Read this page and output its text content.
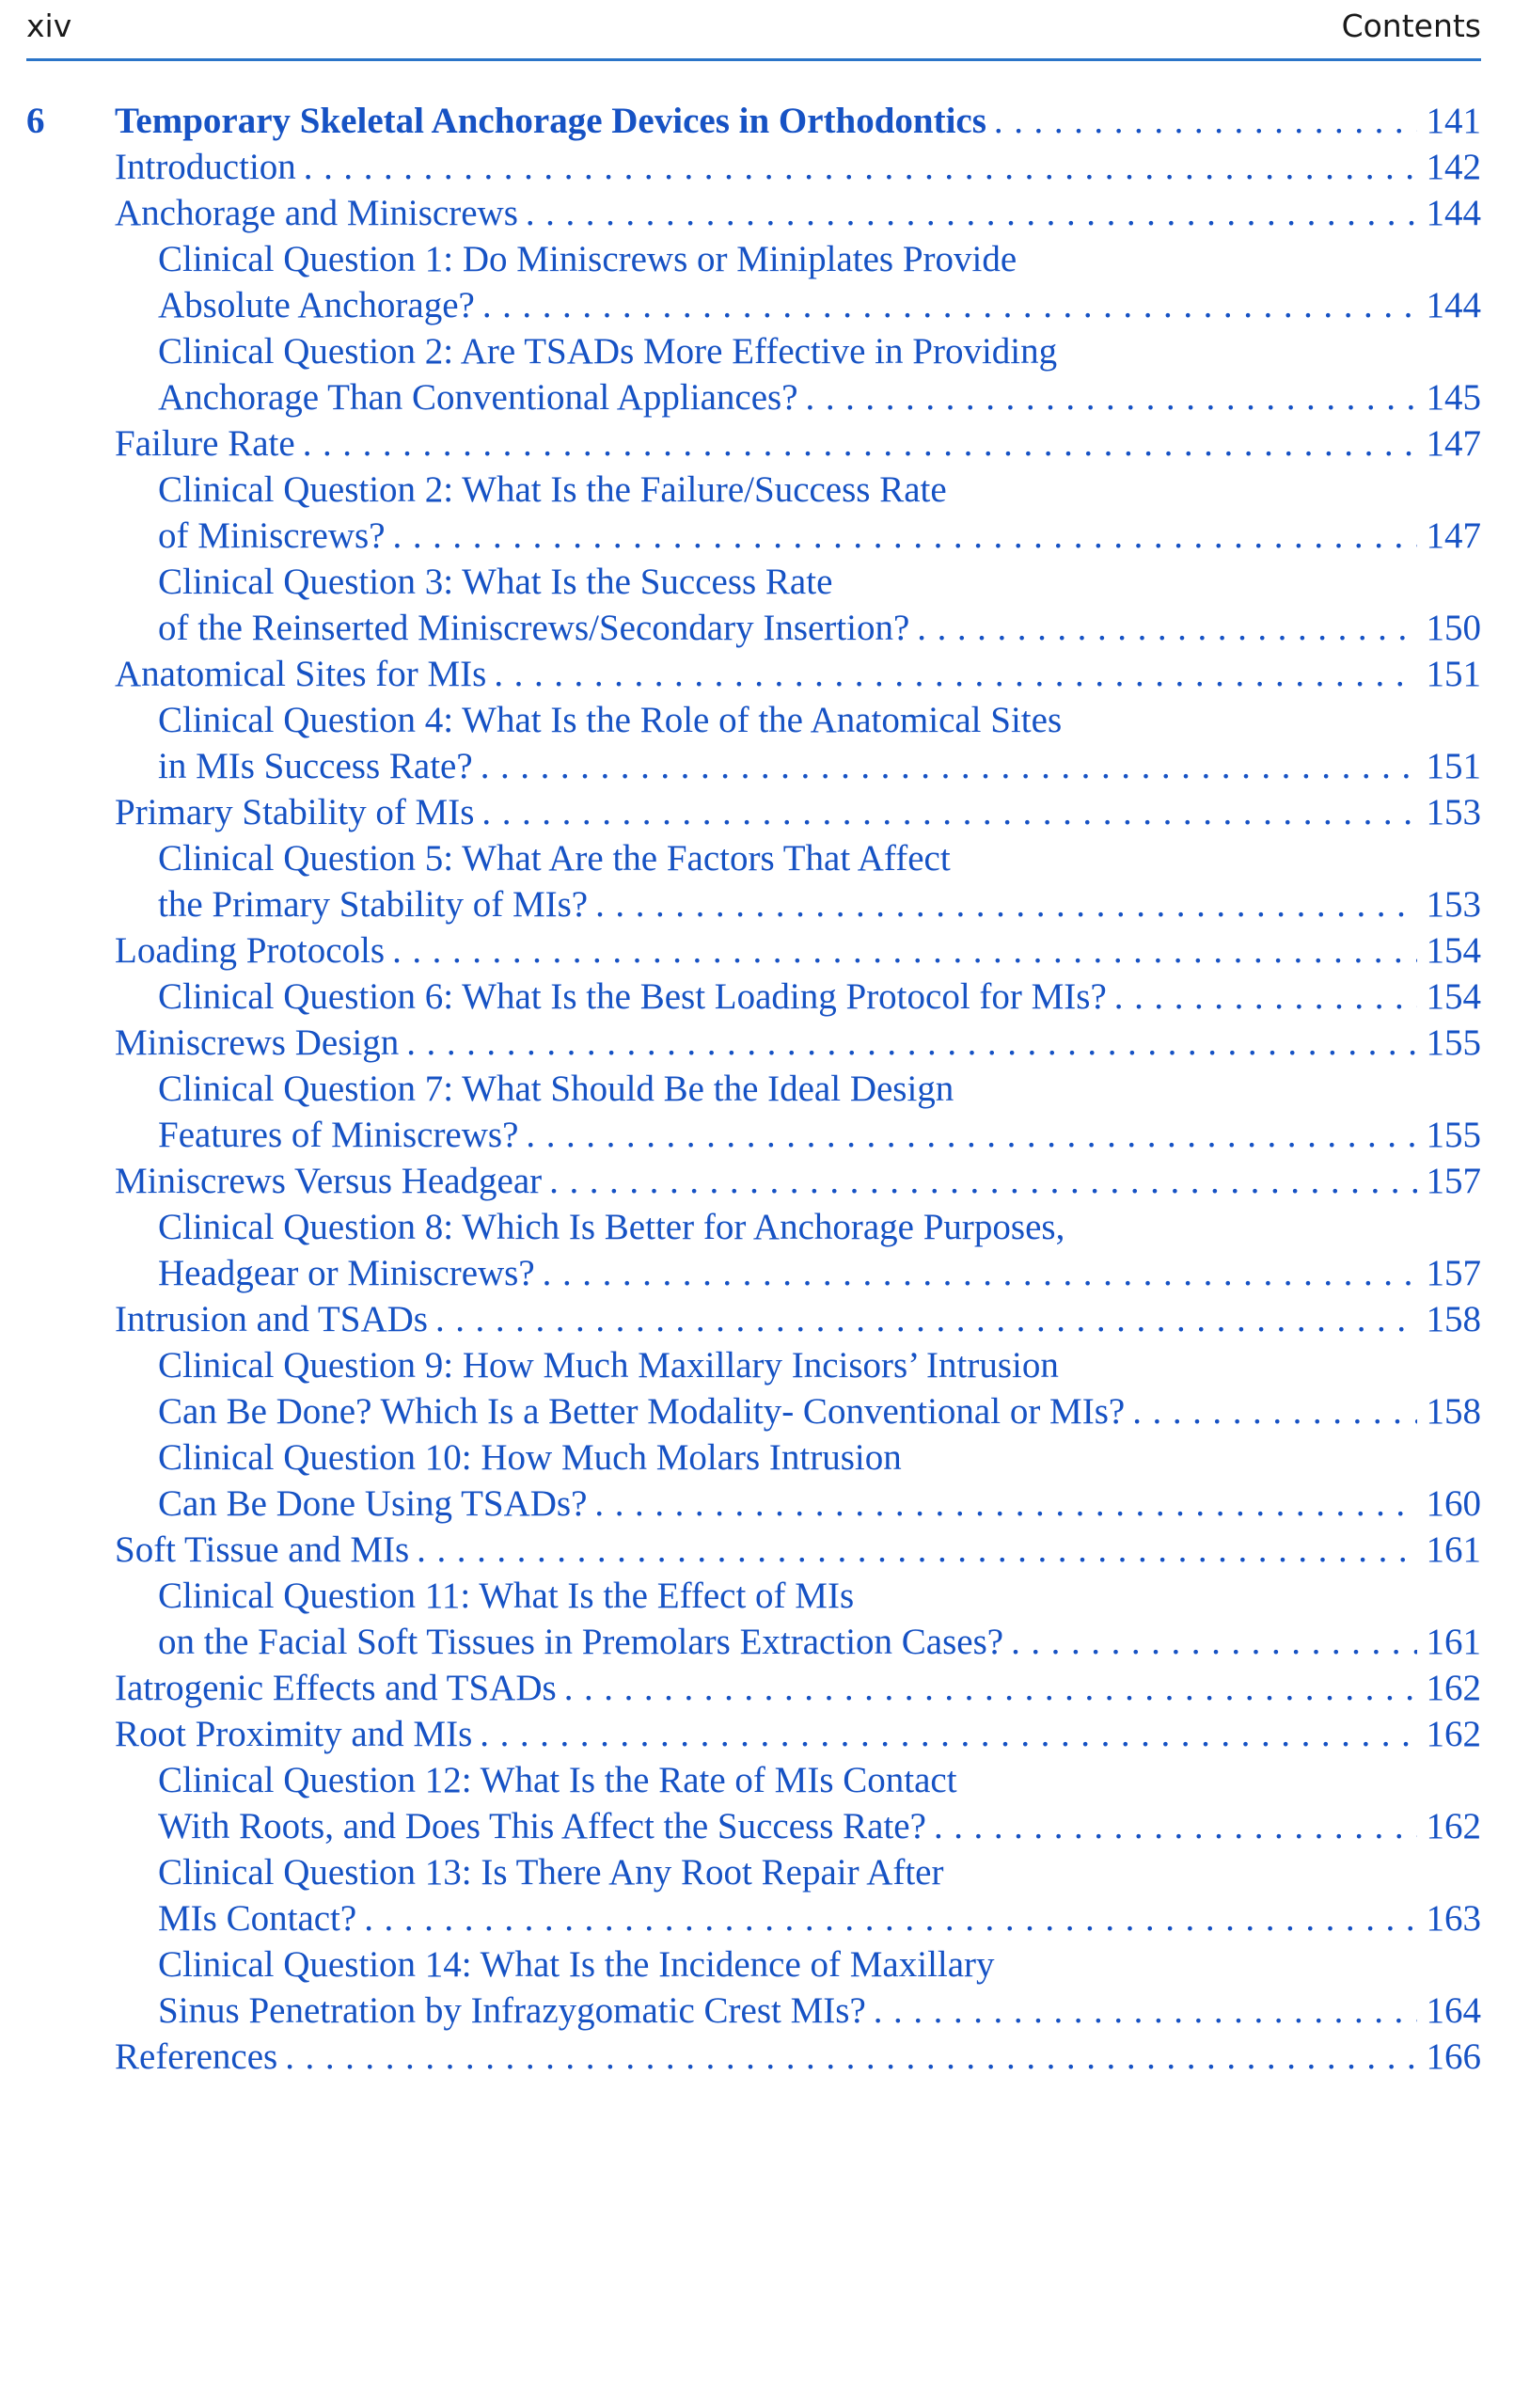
xiv	Contents
6	Temporary Skeletal Anchorage Devices in Orthodontics . . .	141
Introduction . . .	142
Anchorage and Miniscrews . . .	144
Clinical Question 1: Do Miniscrews or Miniplates Provide
Absolute Anchorage? . . .	144
Clinical Question 2: Are TSADs More Effective in Providing
Anchorage Than Conventional Appliances? . . .	145
Failure Rate . . .	147
Clinical Question 2: What Is the Failure/Success Rate
of Miniscrews? . . .	147
Clinical Question 3: What Is the Success Rate
of the Reinserted Miniscrews/Secondary Insertion? . . .	150
Anatomical Sites for MIs . . .	151
Clinical Question 4: What Is the Role of the Anatomical Sites
in MIs Success Rate? . . .	151
Primary Stability of MIs . . .	153
Clinical Question 5: What Are the Factors That Affect
the Primary Stability of MIs? . . .	153
Loading Protocols . . .	154
Clinical Question 6: What Is the Best Loading Protocol for MIs? . . .	154
Miniscrews Design . . .	155
Clinical Question 7: What Should Be the Ideal Design
Features of Miniscrews? . . .	155
Miniscrews Versus Headgear . . .	157
Clinical Question 8: Which Is Better for Anchorage Purposes,
Headgear or Miniscrews? . . .	157
Intrusion and TSADs . . .	158
Clinical Question 9: How Much Maxillary Incisors’ Intrusion
Can Be Done? Which Is a Better Modality- Conventional or MIs? . . .	158
Clinical Question 10: How Much Molars Intrusion
Can Be Done Using TSADs? . . .	160
Soft Tissue and MIs . . .	161
Clinical Question 11: What Is the Effect of MIs
on the Facial Soft Tissues in Premolars Extraction Cases? . . .	161
Iatrogenic Effects and TSADs . . .	162
Root Proximity and MIs . . .	162
Clinical Question 12: What Is the Rate of MIs Contact
With Roots, and Does This Affect the Success Rate? . . .	162
Clinical Question 13: Is There Any Root Repair After
MIs Contact? . . .	163
Clinical Question 14: What Is the Incidence of Maxillary
Sinus Penetration by Infrazygomatic Crest MIs? . . .	164
References . . .	166
